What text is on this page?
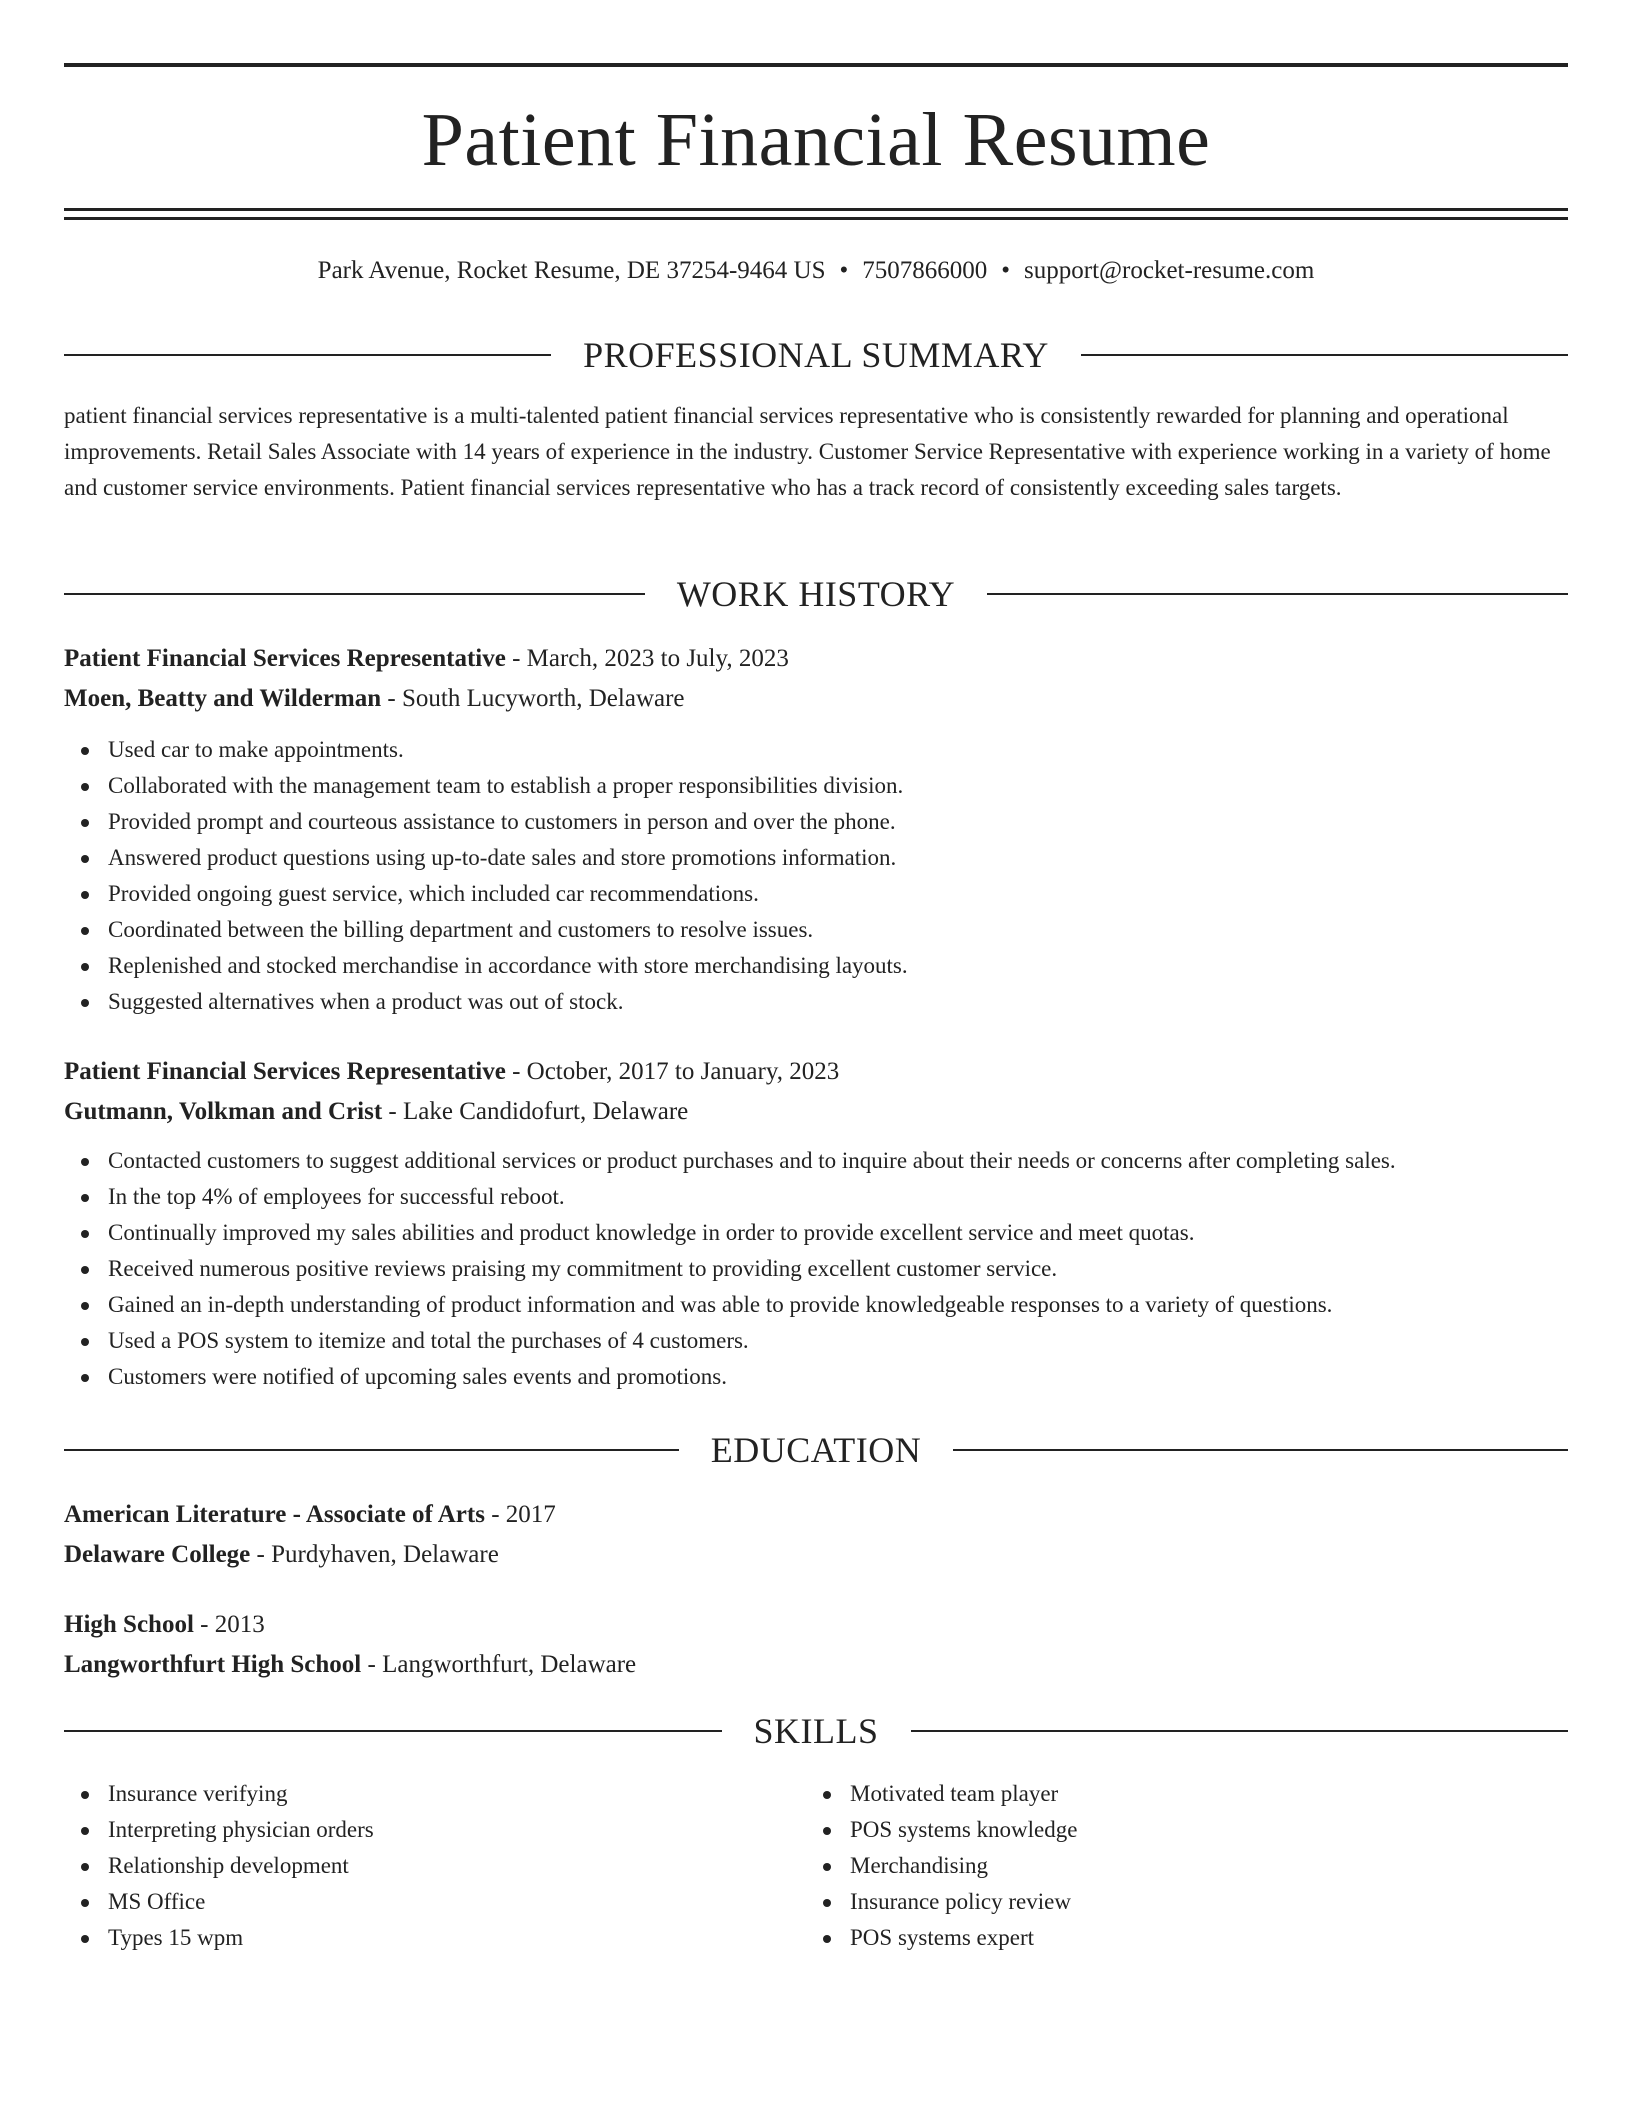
Patient Financial Resume
Park Avenue, Rocket Resume, DE 37254-9464 US • 7507866000 • support@rocket-resume.com
PROFESSIONAL SUMMARY
patient financial services representative is a multi-talented patient financial services representative who is consistently rewarded for planning and operational improvements. Retail Sales Associate with 14 years of experience in the industry. Customer Service Representative with experience working in a variety of home and customer service environments. Patient financial services representative who has a track record of consistently exceeding sales targets.
WORK HISTORY
Patient Financial Services Representative - March, 2023 to July, 2023
Moen, Beatty and Wilderman - South Lucyworth, Delaware
Used car to make appointments.
Collaborated with the management team to establish a proper responsibilities division.
Provided prompt and courteous assistance to customers in person and over the phone.
Answered product questions using up-to-date sales and store promotions information.
Provided ongoing guest service, which included car recommendations.
Coordinated between the billing department and customers to resolve issues.
Replenished and stocked merchandise in accordance with store merchandising layouts.
Suggested alternatives when a product was out of stock.
Patient Financial Services Representative - October, 2017 to January, 2023
Gutmann, Volkman and Crist - Lake Candidofurt, Delaware
Contacted customers to suggest additional services or product purchases and to inquire about their needs or concerns after completing sales.
In the top 4% of employees for successful reboot.
Continually improved my sales abilities and product knowledge in order to provide excellent service and meet quotas.
Received numerous positive reviews praising my commitment to providing excellent customer service.
Gained an in-depth understanding of product information and was able to provide knowledgeable responses to a variety of questions.
Used a POS system to itemize and total the purchases of 4 customers.
Customers were notified of upcoming sales events and promotions.
EDUCATION
American Literature - Associate of Arts - 2017
Delaware College - Purdyhaven, Delaware
High School - 2013
Langworthfurt High School - Langworthfurt, Delaware
SKILLS
Insurance verifying
Interpreting physician orders
Relationship development
MS Office
Types 15 wpm
Motivated team player
POS systems knowledge
Merchandising
Insurance policy review
POS systems expert
